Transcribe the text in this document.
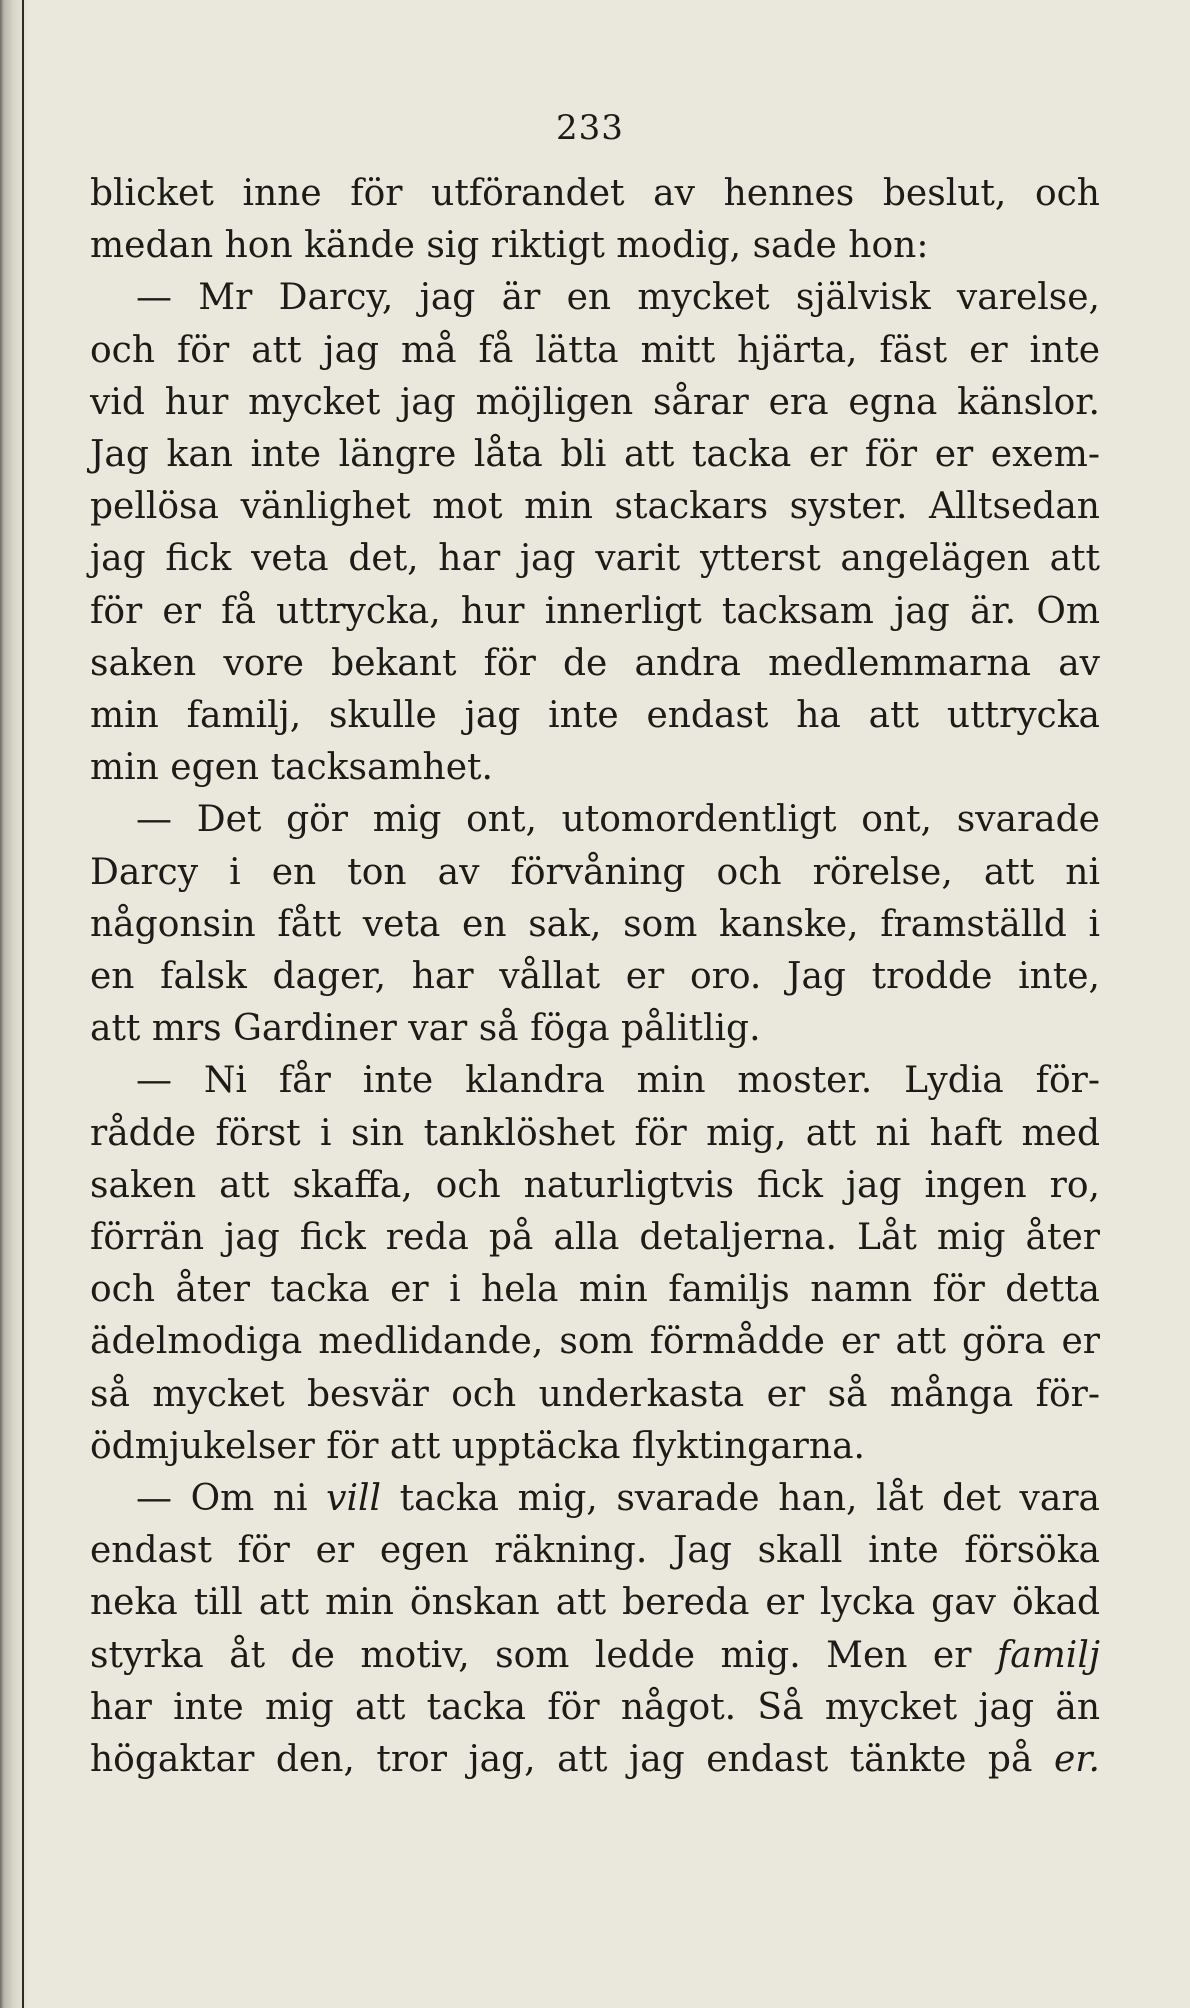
233
blicket inne för utförandet av hennes beslut, och
medan hon kände sig riktigt modig, sade hon:
— Mr Darcy, jag är en mycket självisk varelse,
och för att jag må få lätta mitt hjärta, fäst er inte
vid hur mycket jag möjligen sårar era egna känslor.
Jag kan inte längre låta bli att tacka er för er exem-
pellösa vänlighet mot min stackars syster. Alltsedan
jag fick veta det, har jag varit ytterst angelägen att
för er få uttrycka, hur innerligt tacksam jag är. Om
saken vore bekant för de andra medlemmarna av
min familj, skulle jag inte endast ha att uttrycka
min egen tacksamhet.
— Det gör mig ont, utomordentligt ont, svarade
Darcy i en ton av förvåning och rörelse, att ni
någonsin fått veta en sak, som kanske, framställd i
en falsk dager, har vållat er oro. Jag trodde inte,
att mrs Gardiner var så föga pålitlig.
— Ni får inte klandra min moster. Lydia för-
rådde först i sin tanklöshet för mig, att ni haft med
saken att skaffa, och naturligtvis fick jag ingen ro,
förrän jag fick reda på alla detaljerna. Låt mig åter
och åter tacka er i hela min familjs namn för detta
ädelmodiga medlidande, som förmådde er att göra er
så mycket besvär och underkasta er så många för-
ödmjukelser för att upptäcka flyktingarna.
— Om ni vill tacka mig, svarade han, låt det vara
endast för er egen räkning. Jag skall inte försöka
neka till att min önskan att bereda er lycka gav ökad
styrka åt de motiv, som ledde mig. Men er familj
har inte mig att tacka för något. Så mycket jag än
högaktar den, tror jag, att jag endast tänkte på er.
